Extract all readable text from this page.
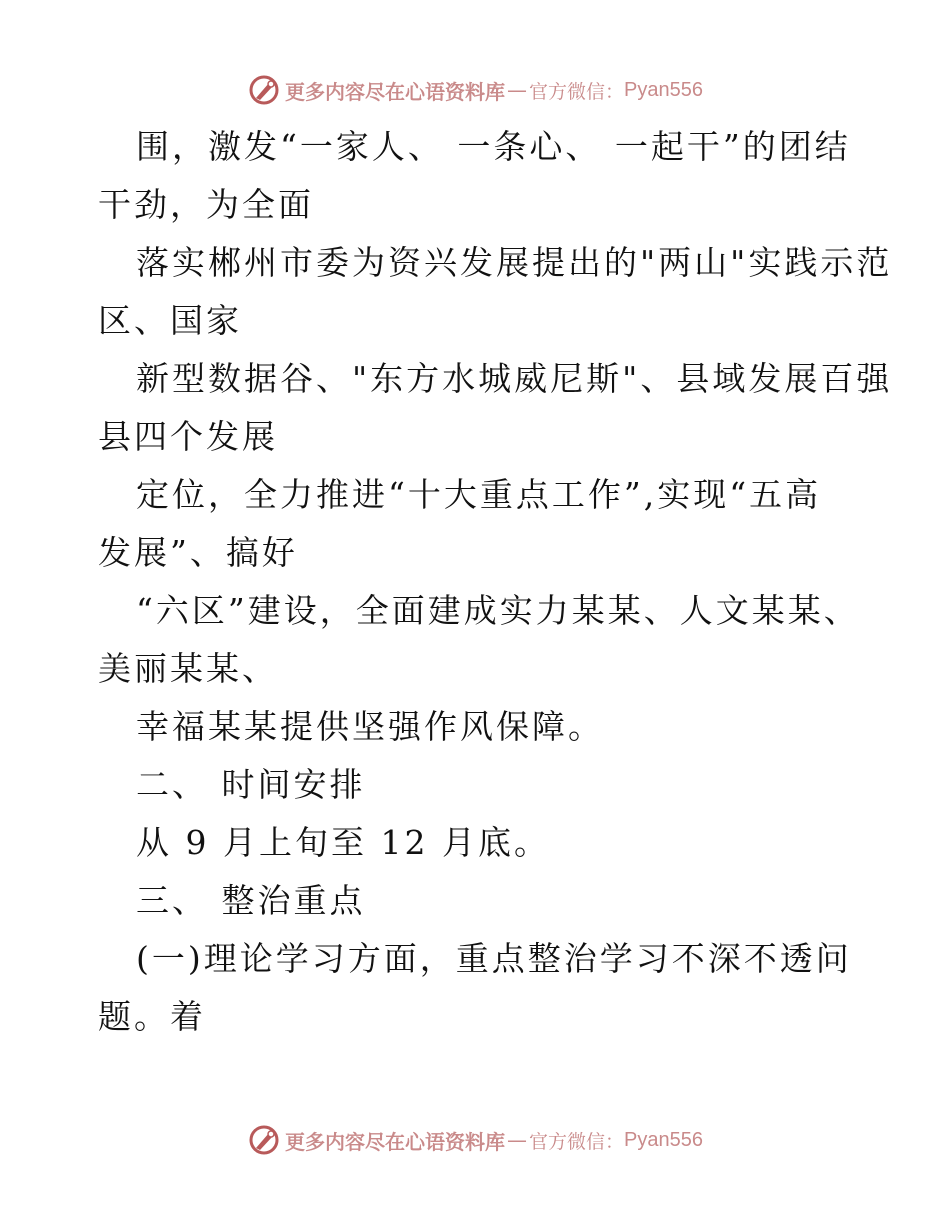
更多内容尽在心语资料库 — 官方微信： Pyan556
围，激发“一家人、 一条心、 一起干”的团结
干劲，为全面
落实郴州市委为资兴发展提出的"两山"实践示范
区、国家
新型数据谷、"东方水城威尼斯"、县域发展百强
县四个发展
定位，全力推进“十大重点工作”,实现“五高
发展”、搞好
“六区”建设，全面建成实力某某、人文某某、
美丽某某、
幸福某某提供坚强作风保障。
二、 时间安排
从 9 月上旬至 12 月底。
三、 整治重点
(一)理论学习方面，重点整治学习不深不透问
题。着
更多内容尽在心语资料库 — 官方微信： Pyan556
